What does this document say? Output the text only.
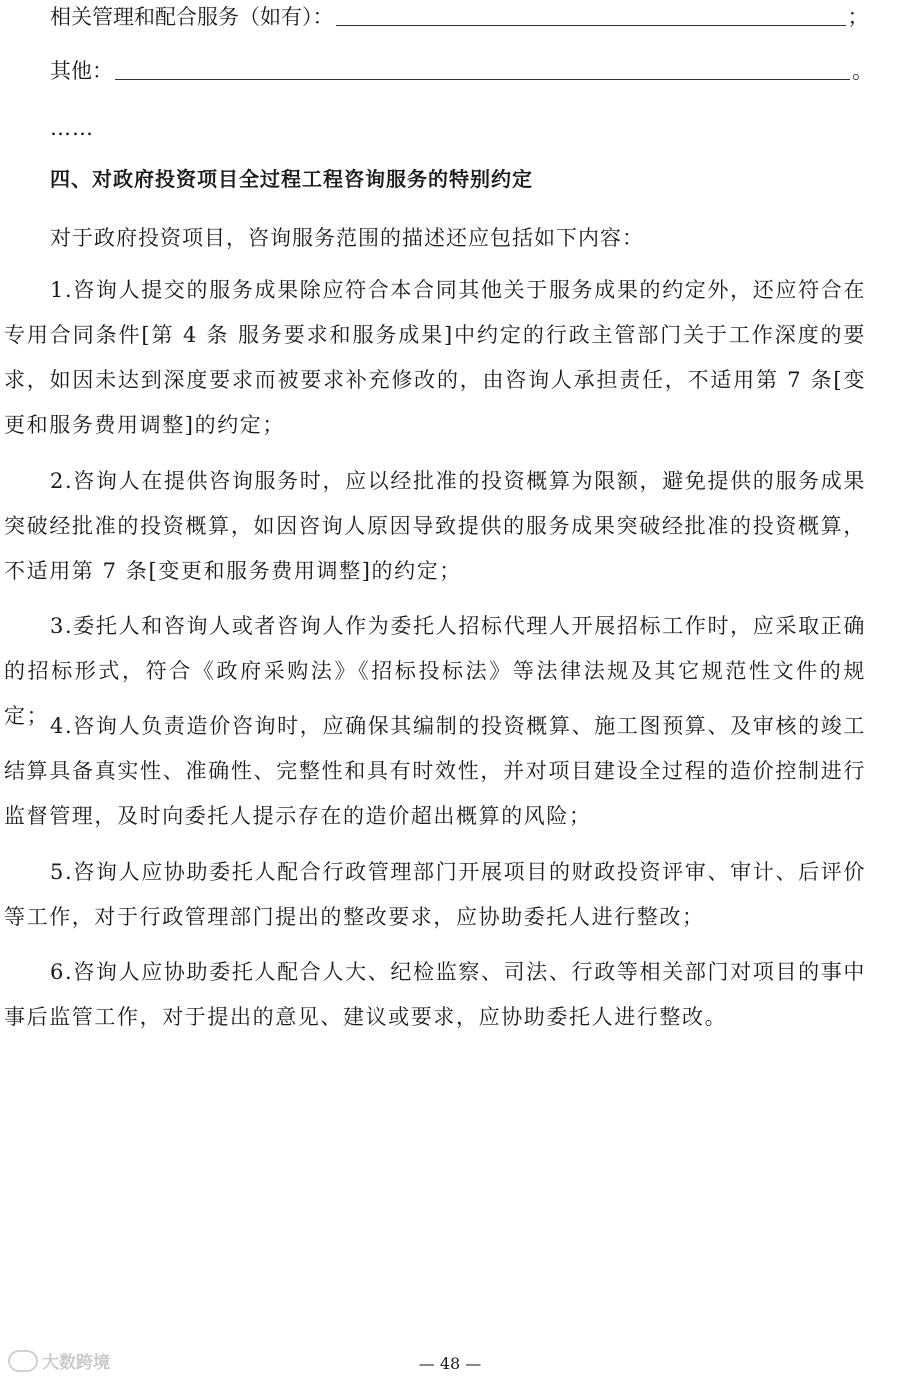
相关管理和配合服务（如有）：	；
其他：	。
……
四、对政府投资项目全过程工程咨询服务的特别约定
对于政府投资项目，咨询服务范围的描述还应包括如下内容：

1.咨询人提交的服务成果除应符合本合同其他关于服务成果的约定外，还应符合在专用合同条件[第 4 条 服务要求和服务成果]中约定的行政主管部门关于工作深度的要求，如因未达到深度要求而被要求补充修改的，由咨询人承担责任，不适用第 7 条[变更和服务费用调整]的约定；

2.咨询人在提供咨询服务时，应以经批准的投资概算为限额，避免提供的服务成果突破经批准的投资概算，如因咨询人原因导致提供的服务成果突破经批准的投资概算，不适用第 7 条[变更和服务费用调整]的约定；

3.委托人和咨询人或者咨询人作为委托人招标代理人开展招标工作时，应采取正确的招标形式，符合《政府采购法》《招标投标法》等法律法规及其它规范性文件的规定； 4.咨询人负责造价咨询时，应确保其编制的投资概算、施工图预算、及审核的竣工结算具备真实性、准确性、完整性和具有时效性，并对项目建设全过程的造价控制进行监督管理，及时向委托人提示存在的造价超出概算的风险；

5.咨询人应协助委托人配合行政管理部门开展项目的财政投资评审、审计、后评价等工作，对于行政管理部门提出的整改要求，应协助委托人进行整改；

6.咨询人应协助委托人配合人大、纪检监察、司法、行政等相关部门对项目的事中事后监管工作，对于提出的意见、建议或要求，应协助委托人进行整改。

大数跨境	— 48 —
